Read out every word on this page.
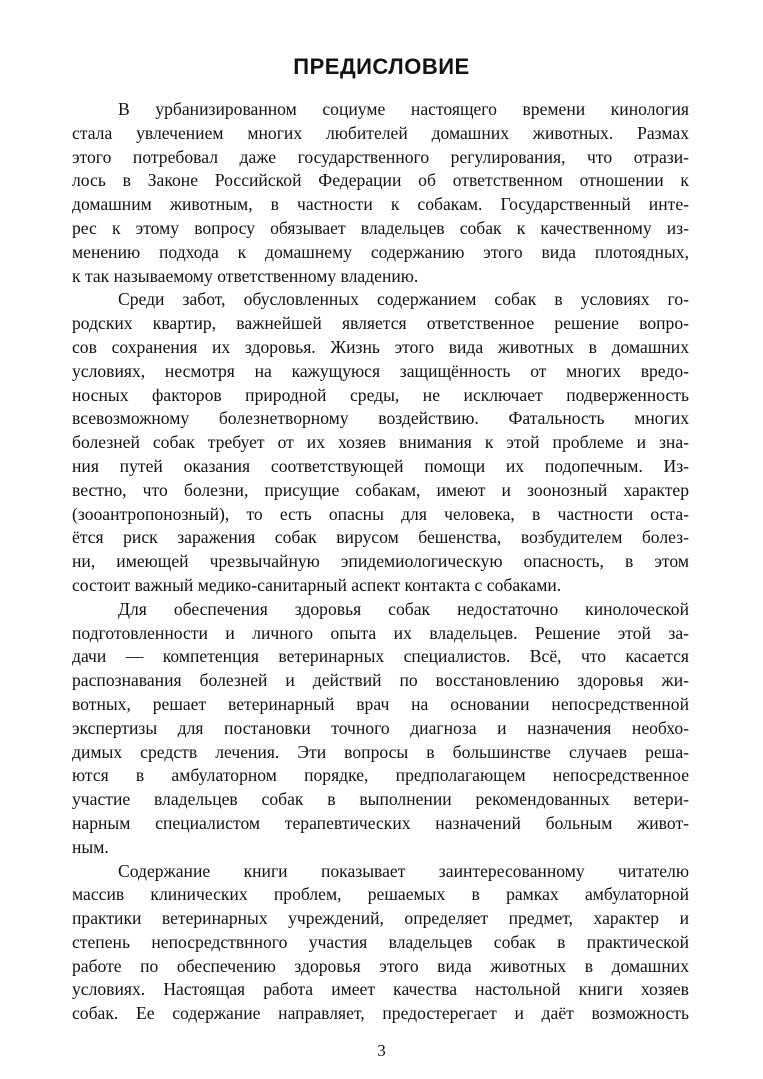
ПРЕДИСЛОВИЕ

В урбанизированном социуме настоящего времени кинология
стала увлечением многих любителей домашних животных. Размах
этого потребовал даже государственного регулирования, что отрази-
лось в Законе Российской Федерации об ответственном отношении к
домашним животным, в частности к собакам. Государственный инте-
рес к этому вопросу обязывает владельцев собак к качественному из-
менению подхода к домашнему содержанию этого вида плотоядных,
к так называемому ответственному владению.

Среди забот, обусловленных содержанием собак в условиях го-
родских квартир, важнейшей является ответственное решение вопро-
сов сохранения их здоровья. Жизнь этого вида животных в домашних
условиях, несмотря на кажущуюся защищённость от многих вредо-
носных факторов природной среды, не исключает подверженность
всевозможному болезнетворному воздействию. Фатальность многих
болезней собак требует от их хозяев внимания к этой проблеме и зна-
ния путей оказания соответствующей помощи их подопечным. Из-
вестно, что болезни, присущие собакам, имеют и зоонозный характер
(зооантропонозный), то есть опасны для человека, в частности оста-
ётся риск заражения собак вирусом бешенства, возбудителем болез-
ни, имеющей чрезвычайную эпидемиологическую опасность, в этом
состоит важный медико-санитарный аспект контакта с собаками.

Для обеспечения здоровья собак недостаточно кинолоческой
подготовленности и личного опыта их владельцев. Решение этой за-
дачи — компетенция ветеринарных специалистов. Всё, что касается
распознавания болезней и действий по восстановлению здоровья жи-
вотных, решает ветеринарный врач на основании непосредственной
экспертизы для постановки точного диагноза и назначения необхо-
димых средств лечения. Эти вопросы в большинстве случаев реша-
ются в амбулаторном порядке, предполагающем непосредственное
участие владельцев собак в выполнении рекомендованных ветери-
нарным специалистом терапевтических назначений больным живот-
ным.

Содержание книги показывает заинтересованному читателю
массив клинических проблем, решаемых в рамках амбулаторной
практики ветеринарных учреждений, определяет предмет, характер и
степень непосредствнного участия владельцев собак в практической
работе по обеспечению здоровья этого вида животных в домашних
условиях. Настоящая работа имеет качества настольной книги хозяев
собак. Ее содержание направляет, предостерегает и даёт возможность

3
